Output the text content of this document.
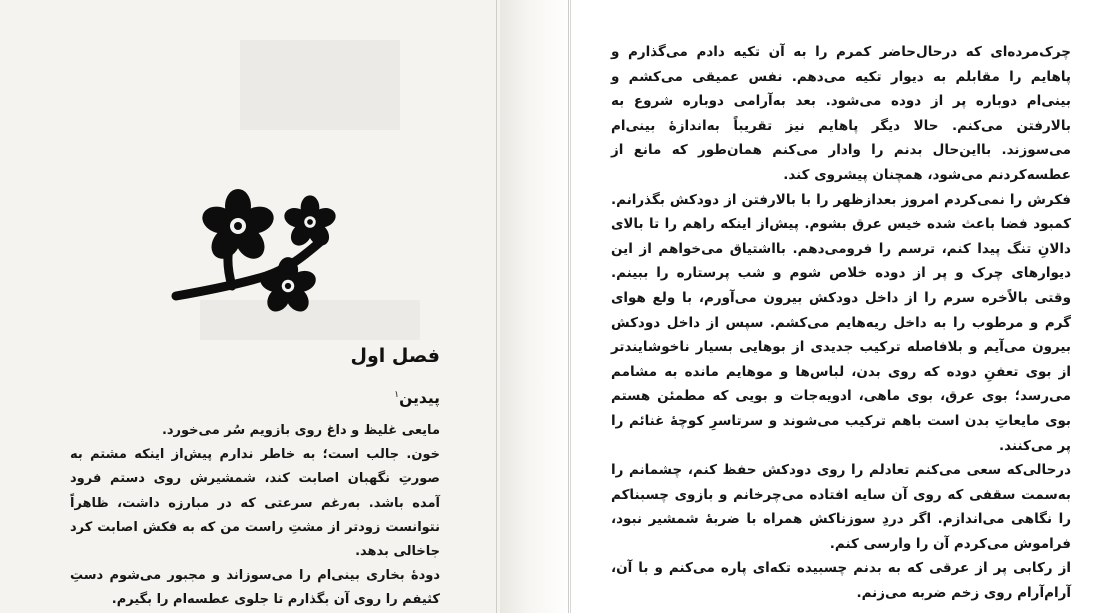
فصل اول
پیدین$^۱$

مایعی غلیظ و داغ روی بازویم سُر می‌خورد.

خون. جالب است؛ به خاطر ندارم پیش‌از اینکه مشتم به صورتِ نگهبان اصابت کند، شمشیرش روی دستم فرود آمده باشد. به‌رغم سرعتی که در مبارزه داشت، ظاهراً نتوانست زودتر از مشتِ راست من که به فکش اصابت کرد جاخالی بدهد.

دودهٔ بخاری بینی‌ام را می‌سوزاند و مجبور می‌شوم دستِ کثیفم را روی آن بگذارم تا جلوی عطسه‌ام را بگیرم.

چرک‌مرده‌ای که درحال‌حاضر کمرم را به آن تکیه دادم می‌گذارم و پاهایم را مقابلم به دیوار تکیه می‌دهم. نفس عمیقی می‌کشم و بینی‌ام دوباره پر از دوده می‌شود. بعد به‌آرامی دوباره شروع به بالارفتن می‌کنم. حالا دیگر پاهایم نیز تقریباً به‌اندازهٔ بینی‌ام می‌سوزند. بااین‌حال بدنم را وادار می‌کنم همان‌طور که مانع از عطسه‌کردنم می‌شود، همچنان پیشروی کند.

فکرش را نمی‌کردم امروز بعدازظهر را با بالارفتن از دودکش بگذرانم. کمبود فضا باعث شده خیس عرق بشوم. پیش‌از اینکه راهم را تا بالای دالانِ تنگ پیدا کنم، ترسم را فرومی‌دهم. بااشتیاق می‌خواهم از این دیوارهای چرک و پر از دوده خلاص شوم و شب پرستاره را ببینم. وقتی بالاًخره سرم را از داخل دودکش بیرون می‌آورم، با ولع هوای گرم و مرطوب را به داخل ریه‌هایم می‌کشم. سپس از داخل دودکش بیرون می‌آیم و بلافاصله ترکیب جدیدی از بوهایی بسیار ناخوشایندتر از بوی تعفنِ دوده که روی بدن، لباس‌ها و موهایم مانده به مشامم می‌رسد؛ بوی عرق، بوی ماهی، ادویه‌جات و بویی که مطمئن هستم بوی مایعاتِ بدن است باهم ترکیب می‌شوند و سرتاسرِ کوچهٔ غنائم را پر می‌کنند.

درحالی‌که سعی می‌کنم تعادلم را روی دودکش حفظ کنم، چشمانم را به‌سمت سقفی که روی آن سایه افتاده می‌چرخانم و بازوی چسبناکم را نگاهی می‌اندازم. اگر دردِ سوزناکش همراه با ضربهٔ شمشیر نبود، فراموش می‌کردم آن را وارسی کنم.

از رکابی پر از عرقی که به بدنم چسبیده تکه‌ای پاره می‌کنم و با آن، آرام‌آرام روی زخم ضربه می‌زنم.
